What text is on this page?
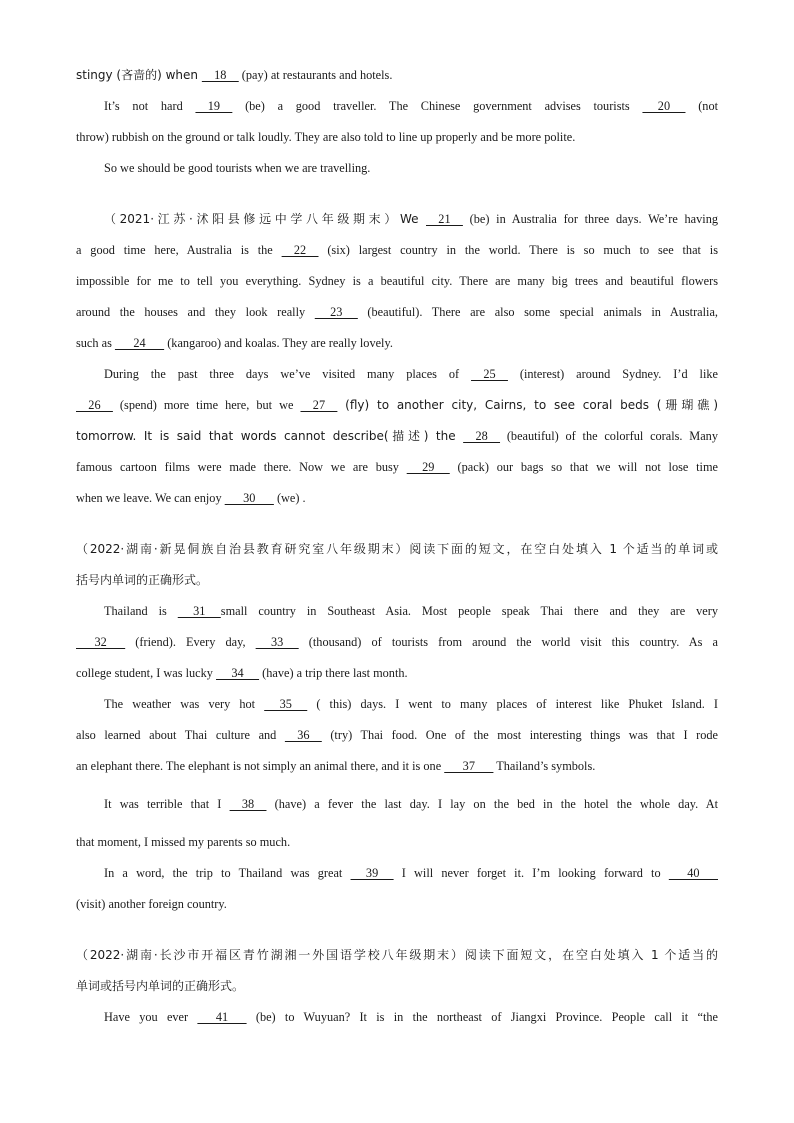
stingy (吝啬的) when     18     (pay) at restaurants and hotels.
It’s not hard     19     (be) a good traveller. The Chinese government advises tourists      20      (not
throw) rubbish on the ground or talk loudly. They are also told to line up properly and be more polite.
So we should be good tourists when we are travelling.
（2021·江苏·沭阳县修远中学八年级期末）We     21     (be) in Australia for three days. We’re having
a good time here, Australia is the     22     (six) largest country in the world. There is so much to see that is
impossible for me to tell you everything. Sydney is a beautiful city. There are many big trees and beautiful flowers
around the houses and they look really      23      (beautiful). There are also some special animals in Australia,
such as       24       (kangaroo) and koalas. They are really lovely.
During the past three days we’ve visited many places of     25     (interest) around Sydney. I’d like
26     (spend) more time here, but we     27     (fly) to another city, Cairns, to see coral beds (珊瑚礁)
tomorrow. It is said that words cannot describe(描述) the     28     (beautiful) of the colorful corals. Many
famous cartoon films were made there. Now we are busy      29      (pack) our bags so that we will not lose time
when we leave. We can enjoy       30       (we) .
（2022·湖南·新晃侗族自治县教育研究室八年级期末）阅读下面的短文，在空白处填入 1 个适当的单词或
括号内单词的正确形式。
Thailand is      31     small country in Southeast Asia. Most people speak Thai there and they are very
32       (friend). Every day,      33      (thousand) of tourists from around the world visit this country. As a
college student, I was lucky      34      (have) a trip there last month.
The weather was very hot      35      ( this) days. I went to many places of interest like Phuket Island. I
also learned about Thai culture and     36     (try) Thai food. One of the most interesting things was that I rode
an elephant there. The elephant is not simply an animal there, and it is one       37       Thailand’s symbols.
It was terrible that I     38     (have) a fever the last day. I lay on the bed in the hotel the whole day. At
that moment, I missed my parents so much.
In a word, the trip to Thailand was great      39      I will never forget it. I’m looking forward to       40
(visit) another foreign country.
（2022·湖南·长沙市开福区青竹湖湘一外国语学校八年级期末）阅读下面短文，在空白处填入 1 个适当的
单词或括号内单词的正确形式。
Have you ever       41       (be) to Wuyuan? It is in the northeast of Jiangxi Province. People call it “the
